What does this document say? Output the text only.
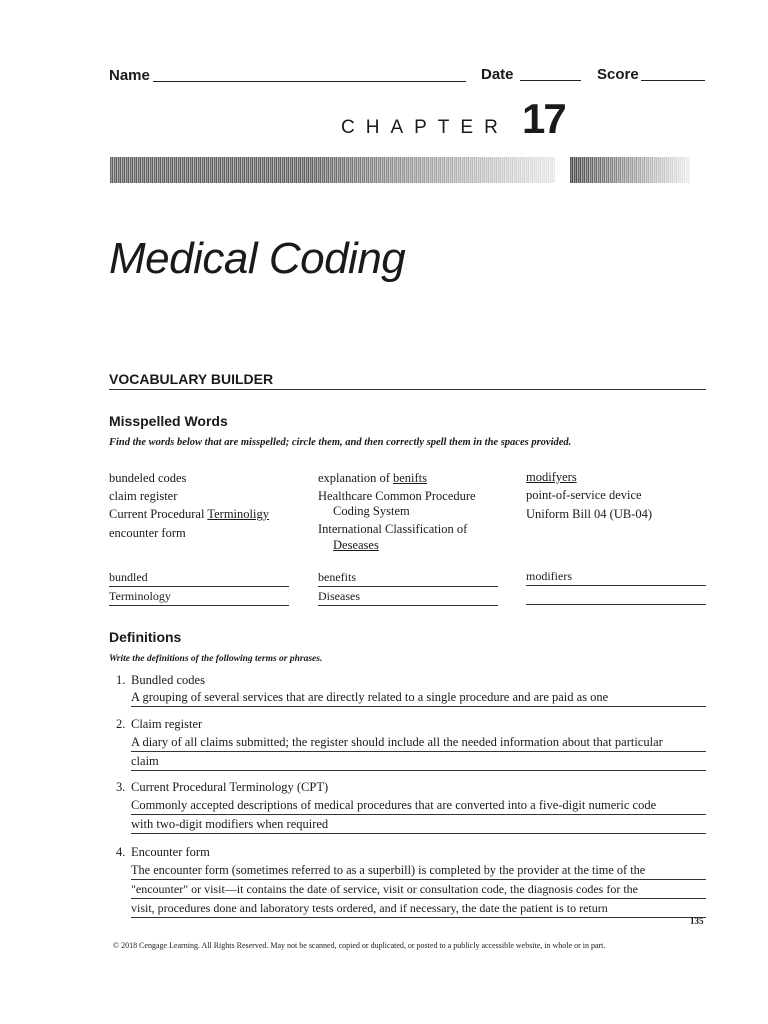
Name	Date	Score
CHAPTER 17
Medical Coding
VOCABULARY BUILDER
Misspelled Words
Find the words below that are misspelled; circle them, and then correctly spell them in the spaces provided.
bundeled codes
claim register
Current Procedural Terminoligy
encounter form
explanation of benifts
Healthcare Common Procedure
Coding System
International Classification of
Deseases
modifyers
point-of-service device
Uniform Bill 04 (UB-04)
bundled
Terminology
benefits
Diseases
modifiers
Definitions
Write the definitions of the following terms or phrases.
1. Bundled codes
A grouping of several services that are directly related to a single procedure and are paid as one
2. Claim register
A diary of all claims submitted; the register should include all the needed information about that particular
claim
3. Current Procedural Terminology (CPT)
Commonly accepted descriptions of medical procedures that are converted into a five-digit numeric code
with two-digit modifiers when required
4. Encounter form
The encounter form (sometimes referred to as a superbill) is completed by the provider at the time of the
"encounter" or visit—it contains the date of service, visit or consultation code, the diagnosis codes for the
visit, procedures done and laboratory tests ordered, and if necessary, the date the patient is to return
135
© 2018 Cengage Learning. All Rights Reserved. May not be scanned, copied or duplicated, or posted to a publicly accessible website, in whole or in part.
